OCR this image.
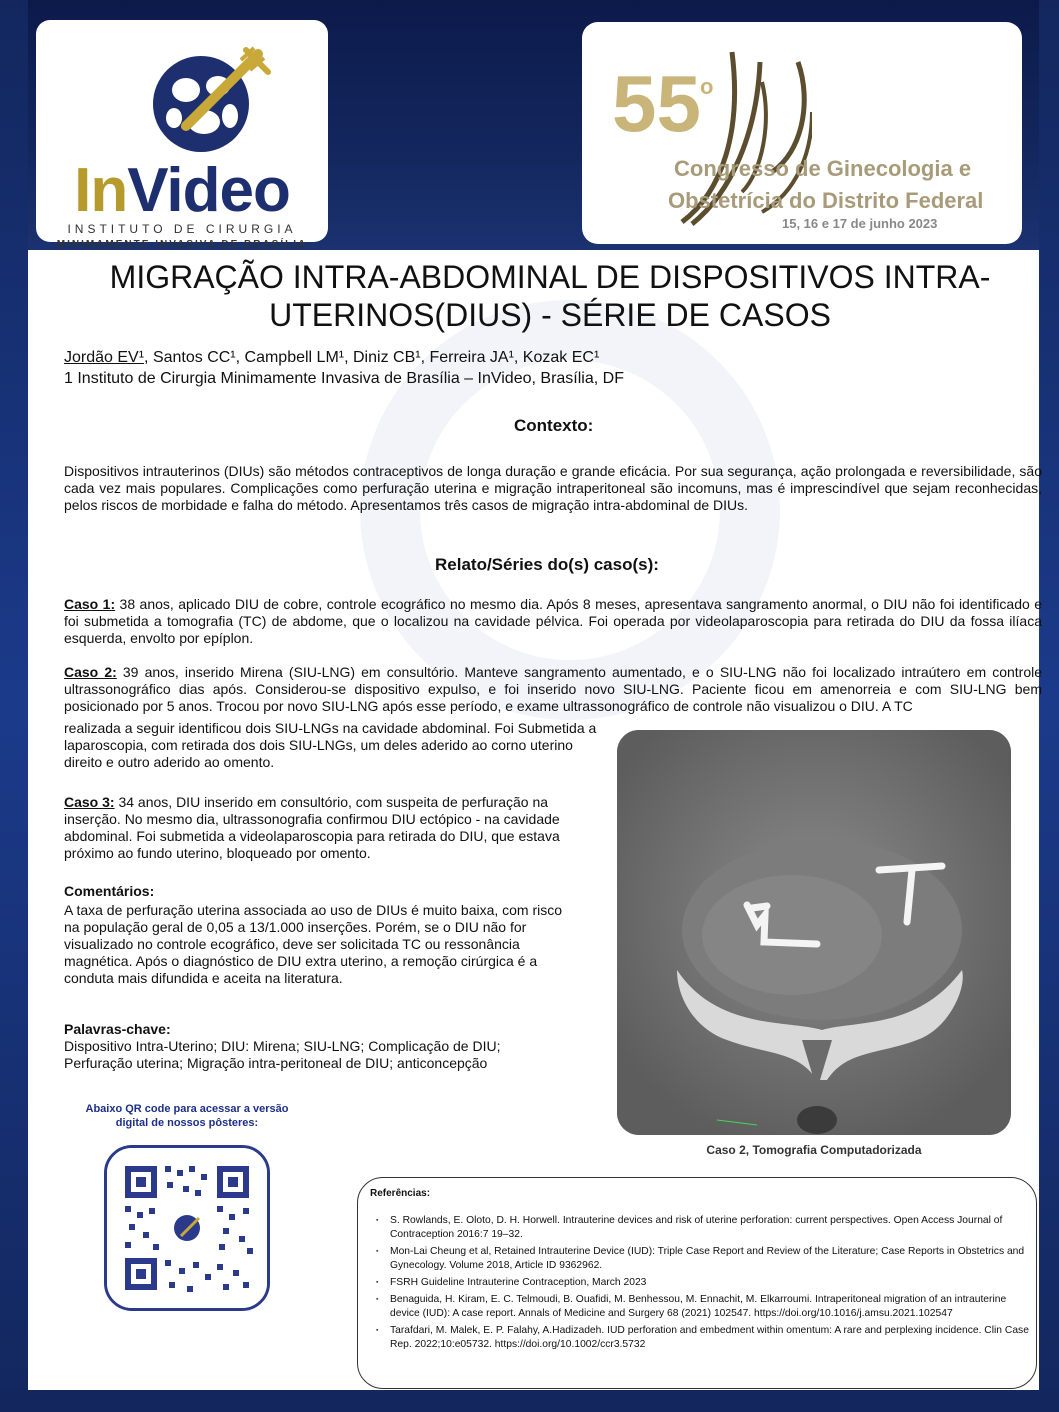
InVideo
INSTITUTO DE CIRURGIA
MINIMAMENTE INVASIVA DE BRASÍLIA
55 o
Congresso de Ginecologia e
Obstetrícia do Distrito Federal
15, 16 e 17 de junho 2023
MIGRAÇÃO INTRA-ABDOMINAL DE DISPOSITIVOS INTRA-
UTERINOS(DIUS) - SÉRIE DE CASOS
Jordão EV¹, Santos CC¹, Campbell LM¹, Diniz CB¹, Ferreira JA¹, Kozak EC¹
1 Instituto de Cirurgia Minimamente Invasiva de Brasília – InVideo, Brasília, DF
Contexto:
Dispositivos intrauterinos (DIUs) são métodos contraceptivos de longa duração e grande eficácia. Por sua segurança, ação prolongada e reversibilidade, são cada vez mais populares. Complicações como perfuração uterina e migração intraperitoneal são incomuns, mas é imprescindível que sejam reconhecidas, pelos riscos de morbidade e falha do método. Apresentamos três casos de migração intra-abdominal de DIUs.
Relato/Séries do(s) caso(s):
Caso 1: 38 anos, aplicado DIU de cobre, controle ecográfico no mesmo dia. Após 8 meses, apresentava sangramento anormal, o DIU não foi identificado e foi submetida a tomografia (TC) de abdome, que o localizou na cavidade pélvica. Foi operada por videolaparoscopia para retirada do DIU da fossa ilíaca esquerda, envolto por epíplon.
Caso 2: 39 anos, inserido Mirena (SIU-LNG) em consultório. Manteve sangramento aumentado, e o SIU-LNG não foi localizado intraútero em controle ultrassonográfico dias após. Considerou-se dispositivo expulso, e foi inserido novo SIU-LNG. Paciente ficou em amenorreia e com SIU-LNG bem posicionado por 5 anos. Trocou por novo SIU-LNG após esse período, e exame ultrassonográfico de controle não visualizou o DIU. A TC
realizada a seguir identificou dois SIU-LNGs na cavidade abdominal. Foi Submetida a laparoscopia, com retirada dos dois SIU-LNGs, um deles aderido ao corno uterino direito e outro aderido ao omento.
Caso 3: 34 anos, DIU inserido em consultório, com suspeita de perfuração na inserção. No mesmo dia, ultrassonografia confirmou DIU ectópico - na cavidade abdominal. Foi submetida a videolaparoscopia para retirada do DIU, que estava próximo ao fundo uterino, bloqueado por omento.
Comentários:
A taxa de perfuração uterina associada ao uso de DIUs é muito baixa, com risco na população geral de 0,05 a 13/1.000 inserções. Porém, se o DIU não for visualizado no controle ecográfico, deve ser solicitada TC ou ressonância magnética. Após o diagnóstico de DIU extra uterino, a remoção cirúrgica é a conduta mais difundida e aceita na literatura.
Palavras-chave:
Dispositivo Intra-Uterino; DIU: Mirena; SIU-LNG; Complicação de DIU; Perfuração uterina; Migração intra-peritoneal de DIU; anticoncepção
Caso 2, Tomografia Computadorizada
Abaixo QR code para acessar a versão digital de nossos pôsteres:
Referências:
▪ S. Rowlands, E. Oloto, D. H. Horwell. Intrauterine devices and risk of uterine perforation: current perspectives. Open Access Journal of Contraception 2016:7 19–32.
▪ Mon-Lai Cheung et al, Retained Intrauterine Device (IUD): Triple Case Report and Review of the Literature; Case Reports in Obstetrics and Gynecology. Volume 2018, Article ID 9362962.
▪ FSRH Guideline Intrauterine Contraception, March 2023
▪ Benaguida, H. Kiram, E. C. Telmoudi, B. Ouafidi, M. Benhessou, M. Ennachit, M. Elkarroumi. Intraperitoneal migration of an intrauterine device (IUD): A case report. Annals of Medicine and Surgery 68 (2021) 102547. https://doi.org/10.1016/j.amsu.2021.102547
▪ Tarafdari, M. Malek, E. P. Falahy, A.Hadizadeh. IUD perforation and embedment within omentum: A rare and perplexing incidence. Clin Case Rep. 2022;10:e05732. https://doi.org/10.1002/ccr3.5732
